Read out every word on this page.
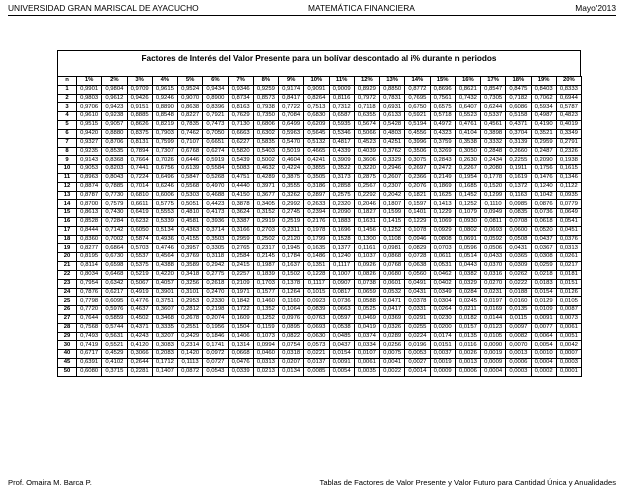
UNIVERSIDAD GRAN MARISCAL DE AYACUCHO	MATEMÁTICA FINANCIERA	Mayo'2013
Factores de Interés del Valor Presente para un bolívar descontado al i% durante n periodos
n	1%	2%	3%	4%	5%	6%	7%	8%	9%	10%	11%	12%	13%	14%	15%	16%	17%	18%	19%	20%
1	0,9901	0,9804	0,9709	0,9615	0,9524	0,9434	0,9346	0,9259	0,9174	0,9091	0,9009	0,8929	0,8850	0,8772	0,8696	0,8621	0,8547	0,8475	0,8403	0,8333
2	0,9803	0,9612	0,9426	0,9246	0,9070	0,8900	0,8734	0,8573	0,8417	0,8264	0,8116	0,7972	0,7831	0,7695	0,7561	0,7432	0,7305	0,7182	0,7062	0,6944
3	0,9706	0,9423	0,9151	0,8890	0,8638	0,8396	0,8163	0,7938	0,7722	0,7513	0,7312	0,7118	0,6931	0,6750	0,6575	0,6407	0,6244	0,6086	0,5934	0,5787
4	0,9610	0,9238	0,8885	0,8548	0,8227	0,7921	0,7629	0,7350	0,7084	0,6830	0,6587	0,6355	0,6133	0,5921	0,5718	0,5523	0,5337	0,5158	0,4987	0,4823
5	0,9515	0,9057	0,8626	0,8219	0,7835	0,7473	0,7130	0,6806	0,6499	0,6209	0,5935	0,5674	0,5428	0,5194	0,4972	0,4761	0,4561	0,4371	0,4190	0,4019
6	0,9420	0,8880	0,8375	0,7903	0,7462	0,7050	0,6663	0,6302	0,5963	0,5645	0,5346	0,5066	0,4803	0,4556	0,4323	0,4104	0,3898	0,3704	0,3521	0,3349
7	0,9327	0,8706	0,8131	0,7599	0,7107	0,6651	0,6227	0,5835	0,5470	0,5132	0,4817	0,4523	0,4251	0,3996	0,3759	0,3538	0,3332	0,3139	0,2959	0,2791
8	0,9235	0,8535	0,7894	0,7307	0,6768	0,6274	0,5820	0,5403	0,5019	0,4665	0,4339	0,4039	0,3762	0,3506	0,3269	0,3050	0,2848	0,2660	0,2487	0,2326
9	0,9143	0,8368	0,7664	0,7026	0,6446	0,5919	0,5439	0,5002	0,4604	0,4241	0,3909	0,3606	0,3329	0,3075	0,2843	0,2630	0,2434	0,2255	0,2090	0,1938
10	0,9053	0,8203	0,7441	0,6756	0,6139	0,5584	0,5083	0,4632	0,4224	0,3855	0,3522	0,3220	0,2946	0,2697	0,2472	0,2267	0,2080	0,1911	0,1756	0,1615
11	0,8963	0,8043	0,7224	0,6496	0,5847	0,5268	0,4751	0,4289	0,3875	0,3505	0,3173	0,2875	0,2607	0,2366	0,2149	0,1954	0,1778	0,1619	0,1476	0,1346
12	0,8874	0,7885	0,7014	0,6246	0,5568	0,4970	0,4440	0,3971	0,3555	0,3186	0,2858	0,2567	0,2307	0,2076	0,1869	0,1685	0,1520	0,1372	0,1240	0,1122
13	0,8787	0,7730	0,6810	0,6006	0,5303	0,4688	0,4150	0,3677	0,3262	0,2897	0,2575	0,2292	0,2042	0,1821	0,1625	0,1452	0,1299	0,1163	0,1042	0,0935
14	0,8700	0,7579	0,6611	0,5775	0,5051	0,4423	0,3878	0,3405	0,2992	0,2633	0,2320	0,2046	0,1807	0,1597	0,1413	0,1252	0,1110	0,0985	0,0876	0,0779
15	0,8613	0,7430	0,6419	0,5553	0,4810	0,4173	0,3624	0,3152	0,2745	0,2394	0,2090	0,1827	0,1599	0,1401	0,1229	0,1079	0,0949	0,0835	0,0736	0,0649
16	0,8528	0,7284	0,6232	0,5339	0,4581	0,3936	0,3387	0,2919	0,2519	0,2176	0,1883	0,1631	0,1415	0,1229	0,1069	0,0930	0,0811	0,0708	0,0618	0,0541
17	0,8444	0,7142	0,6050	0,5134	0,4363	0,3714	0,3166	0,2703	0,2311	0,1978	0,1696	0,1456	0,1252	0,1078	0,0929	0,0802	0,0693	0,0600	0,0520	0,0451
18	0,8360	0,7002	0,5874	0,4936	0,4155	0,3503	0,2959	0,2502	0,2120	0,1799	0,1528	0,1300	0,1108	0,0946	0,0808	0,0691	0,0592	0,0508	0,0437	0,0376
19	0,8277	0,6864	0,5703	0,4746	0,3957	0,3305	0,2765	0,2317	0,1945	0,1635	0,1377	0,1161	0,0981	0,0829	0,0703	0,0596	0,0506	0,0431	0,0367	0,0313
20	0,8195	0,6730	0,5537	0,4564	0,3769	0,3118	0,2584	0,2145	0,1784	0,1486	0,1240	0,1037	0,0868	0,0728	0,0611	0,0514	0,0433	0,0365	0,0308	0,0261
21	0,8114	0,6598	0,5375	0,4388	0,3589	0,2942	0,2415	0,1987	0,1637	0,1351	0,1117	0,0926	0,0768	0,0638	0,0531	0,0443	0,0370	0,0309	0,0259	0,0217
22	0,8034	0,6468	0,5219	0,4220	0,3418	0,2775	0,2257	0,1839	0,1502	0,1228	0,1007	0,0826	0,0680	0,0560	0,0462	0,0382	0,0316	0,0262	0,0218	0,0181
23	0,7954	0,6342	0,5067	0,4057	0,3256	0,2618	0,2109	0,1703	0,1378	0,1117	0,0907	0,0738	0,0601	0,0491	0,0402	0,0329	0,0270	0,0222	0,0183	0,0151
24	0,7876	0,6217	0,4919	0,3901	0,3101	0,2470	0,1971	0,1577	0,1264	0,1015	0,0817	0,0659	0,0532	0,0431	0,0349	0,0284	0,0231	0,0188	0,0154	0,0126
25	0,7798	0,6095	0,4776	0,3751	0,2953	0,2330	0,1842	0,1460	0,1160	0,0923	0,0736	0,0588	0,0471	0,0378	0,0304	0,0245	0,0197	0,0160	0,0129	0,0105
26	0,7720	0,5976	0,4637	0,3607	0,2812	0,2198	0,1722	0,1352	0,1064	0,0839	0,0663	0,0525	0,0417	0,0331	0,0264	0,0211	0,0169	0,0135	0,0109	0,0087
27	0,7644	0,5859	0,4502	0,3468	0,2678	0,2074	0,1609	0,1252	0,0976	0,0763	0,0597	0,0469	0,0369	0,0291	0,0230	0,0182	0,0144	0,0115	0,0091	0,0073
28	0,7568	0,5744	0,4371	0,3335	0,2551	0,1956	0,1504	0,1159	0,0895	0,0693	0,0538	0,0419	0,0326	0,0255	0,0200	0,0157	0,0123	0,0097	0,0077	0,0061
29	0,7493	0,5631	0,4243	0,3207	0,2429	0,1846	0,1406	0,1073	0,0822	0,0630	0,0485	0,0374	0,0289	0,0224	0,0174	0,0135	0,0105	0,0082	0,0064	0,0051
30	0,7419	0,5521	0,4120	0,3083	0,2314	0,1741	0,1314	0,0994	0,0754	0,0573	0,0437	0,0334	0,0256	0,0196	0,0151	0,0116	0,0090	0,0070	0,0054	0,0042
40	0,6717	0,4529	0,3066	0,2083	0,1420	0,0972	0,0668	0,0460	0,0318	0,0221	0,0154	0,0107	0,0075	0,0053	0,0037	0,0026	0,0019	0,0013	0,0010	0,0007
45	0,6391	0,4102	0,2644	0,1712	0,1113	0,0727	0,0476	0,0313	0,0207	0,0137	0,0091	0,0061	0,0041	0,0027	0,0019	0,0013	0,0009	0,0006	0,0004	0,0003
50	0,6080	0,3715	0,2281	0,1407	0,0872	0,0543	0,0339	0,0213	0,0134	0,0085	0,0054	0,0035	0,0022	0,0014	0,0009	0,0006	0,0004	0,0003	0,0002	0,0001
Prof. Omaira M. Barca P.	Tablas de Factores de Valor Presente y Valor Futuro para Cantidad Única y Anualidades
